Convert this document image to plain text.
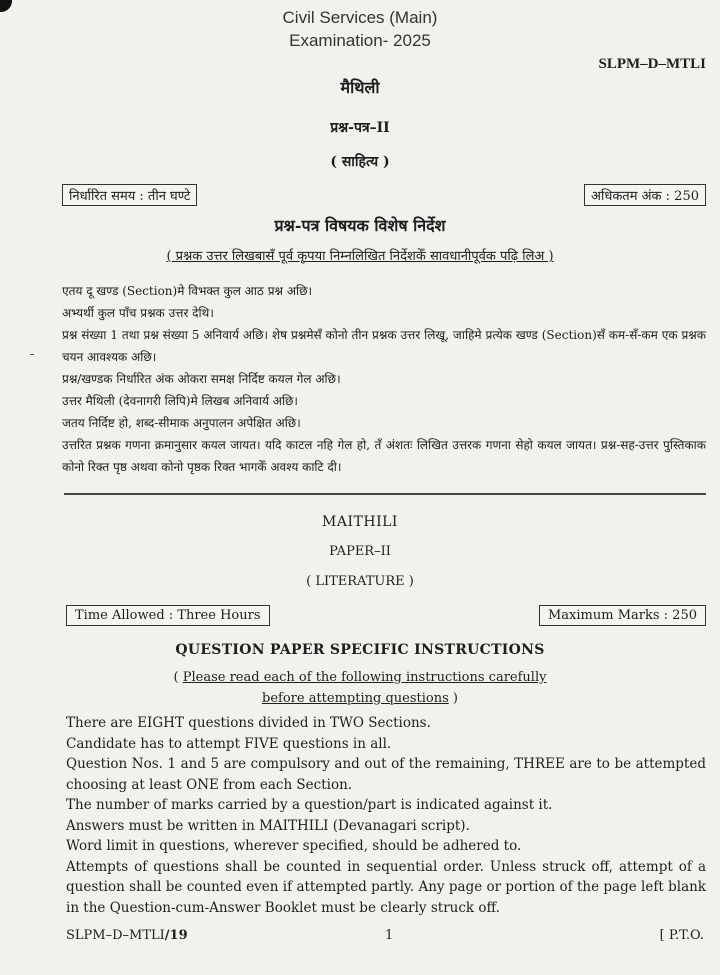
Civil Services (Main)
Examination- 2025
SLPM–D–MTLI
मैथिली
प्रश्न-पत्र–II
( साहित्य )
निर्धारित समय : तीन घण्टे	अधिकतम अंक : 250
प्रश्न-पत्र विषयक विशेष निर्देश
( प्रश्नक उत्तर लिखबासँ पूर्व कृपया निम्नलिखित निर्देशकेँ सावधानीपूर्वक पढ़ि लिअ )
-
एतय दू खण्ड (Section)मे विभक्त कुल आठ प्रश्न अछि।
अभ्यर्थी कुल पाँच प्रश्नक उत्तर देथि।
प्रश्न संख्या 1 तथा प्रश्न संख्या 5 अनिवार्य अछि। शेष प्रश्नमेसँ कोनो तीन प्रश्नक उत्तर लिखू, जाहिमे प्रत्येक खण्ड (Section)सँ कम-सँ-कम एक प्रश्नक चयन आवश्यक अछि।
प्रश्न/खण्डक निर्धारित अंक ओकरा समक्ष निर्दिष्ट कयल गेल अछि।
उत्तर मैथिली (देवनागरी लिपि)मे लिखब अनिवार्य अछि।
जतय निर्दिष्ट हो, शब्द-सीमाक अनुपालन अपेक्षित अछि।
उत्तरित प्रश्नक गणना क्रमानुसार कयल जायत। यदि काटल नहि गेल हो, तँ अंशतः लिखित उत्तरक गणना सेहो कयल जायत। प्रश्न-सह-उत्तर पुस्तिकाक कोनो रिक्त पृष्ठ अथवा कोनो पृष्ठक रिक्त भागकेँ अवश्य काटि दी।
MAITHILI
PAPER–II
( LITERATURE )
Time Allowed : Three Hours	Maximum Marks : 250
QUESTION PAPER SPECIFIC INSTRUCTIONS
( Please read each of the following instructions carefully
before attempting questions )
There are EIGHT questions divided in TWO Sections.
Candidate has to attempt FIVE questions in all.
Question Nos. 1 and 5 are compulsory and out of the remaining, THREE are to be attempted choosing at least ONE from each Section.
The number of marks carried by a question/part is indicated against it.
Answers must be written in MAITHILI (Devanagari script).
Word limit in questions, wherever specified, should be adhered to.
Attempts of questions shall be counted in sequential order. Unless struck off, attempt of a question shall be counted even if attempted partly. Any page or portion of the page left blank in the Question-cum-Answer Booklet must be clearly struck off.
SLPM–D–MTLI/19	1	[ P.T.O.
